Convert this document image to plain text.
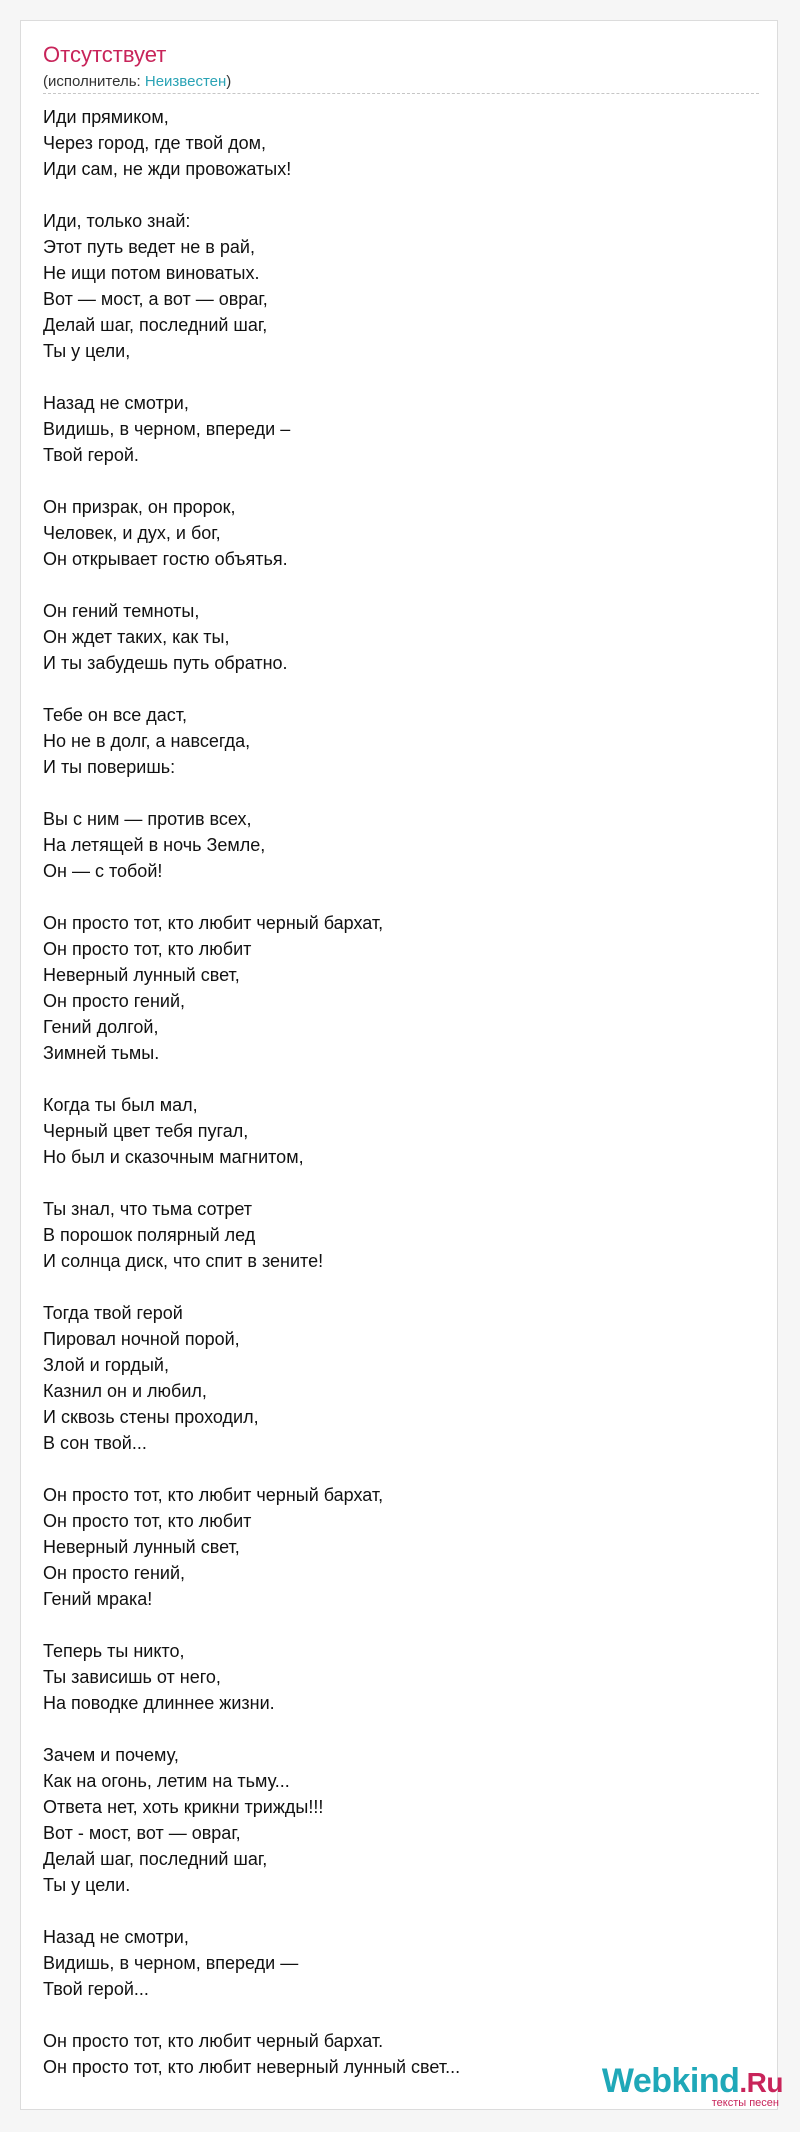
Отсутствует
(исполнитель: Неизвестен)
Иди прямиком,
Через город, где твой дом,
Иди сам, не жди провожатых!
Иди, только знай:
Этот путь ведет не в рай,
Не ищи потом виноватых.
Вот — мост, а вот — овраг,
Делай шаг, последний шаг,
Ты у цели,
Назад не смотри,
Видишь, в черном, впереди –
Твой герой.
Он призрак, он пророк,
Человек, и дух, и бог,
Он открывает гостю объятья.
Он гений темноты,
Он ждет таких, как ты,
И ты забудешь путь обратно.
Тебе он все даст,
Но не в долг, а навсегда,
И ты поверишь:
Вы с ним — против всех,
На летящей в ночь Земле,
Он — с тобой!
Он просто тот, кто любит черный бархат,
Он просто тот, кто любит
Неверный лунный свет,
Он просто гений,
Гений долгой,
Зимней тьмы.
Когда ты был мал,
Черный цвет тебя пугал,
Но был и сказочным магнитом,
Ты знал, что тьма сотрет
В порошок полярный лед
И солнца диск, что спит в зените!
Тогда твой герой
Пировал ночной порой,
Злой и гордый,
Казнил он и любил,
И сквозь стены проходил,
В сон твой...
Он просто тот, кто любит черный бархат,
Он просто тот, кто любит
Неверный лунный свет,
Он просто гений,
Гений мрака!
Теперь ты никто,
Ты зависишь от него,
На поводке длиннее жизни.
Зачем и почему,
Как на огонь, летим на тьму...
Ответа нет, хоть крикни трижды!!!
Вот - мост, вот — овраг,
Делай шаг, последний шаг,
Ты у цели.
Назад не смотри,
Видишь, в черном, впереди —
Твой герой...
Он просто тот, кто любит черный бархат.
Он просто тот, кто любит неверный лунный свет...	Webkind.Ru
тексты песен
